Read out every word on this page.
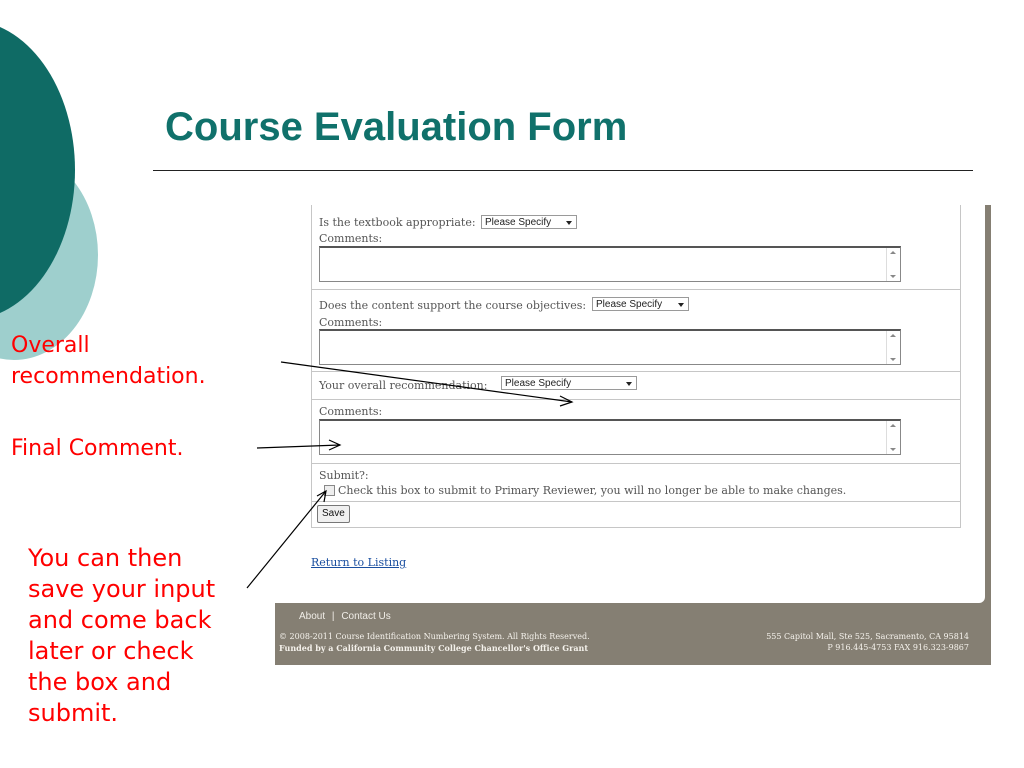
Course Evaluation Form
Is the textbook appropriate: Please Specify
Comments:
Does the content support the course objectives: Please Specify
Comments:
Your overall recommendation:	Please Specify
Comments:
Submit?:
Check this box to submit to Primary Reviewer, you will no longer be able to make changes.
Save
Return to Listing
About | Contact Us
© 2008-2011 Course Identification Numbering System. All Rights Reserved.
Funded by a California Community College Chancellor's Office Grant
555 Capitol Mall, Ste 525, Sacramento, CA 95814
P 916.445-4753 FAX 916.323-9867

Overall
recommendation.

Final Comment.

You can then
save your input
and come back
later or check
the box and
submit.
